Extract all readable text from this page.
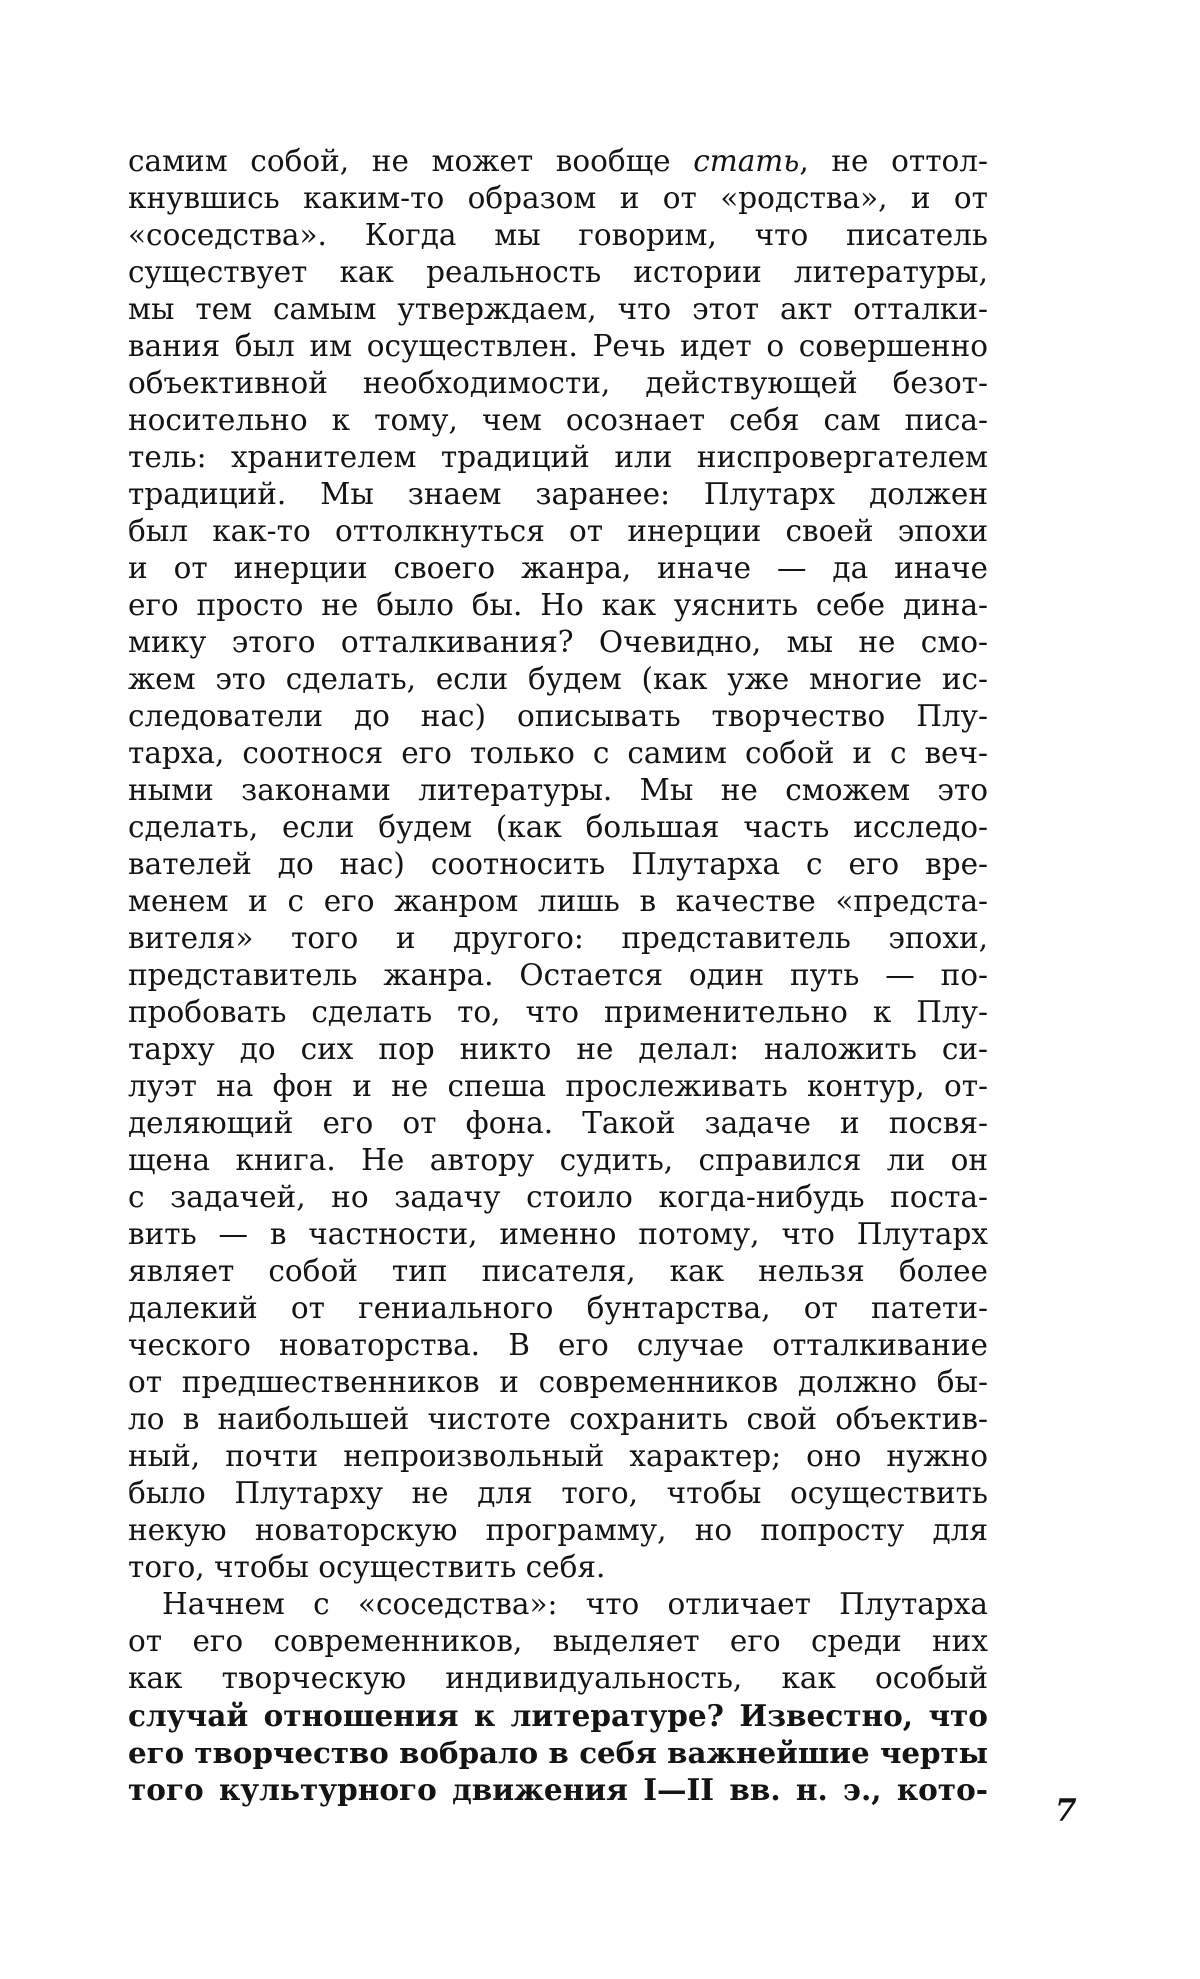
самим собой, не может вообще стать, не оттол-
кнувшись каким-то образом и от «родства», и от
«соседства». Когда мы говорим, что писатель
существует как реальность истории литературы,
мы тем самым утверждаем, что этот акт отталки-
вания был им осуществлен. Речь идет о совершенно
объективной необходимости, действующей безот-
носительно к тому, чем осознает себя сам писа-
тель: хранителем традиций или ниспровергателем
традиций. Мы знаем заранее: Плутарх должен
был как-то оттолкнуться от инерции своей эпохи
и от инерции своего жанра, иначе — да иначе
его просто не было бы. Но как уяснить себе дина-
мику этого отталкивания? Очевидно, мы не смо-
жем это сделать, если будем (как уже многие ис-
следователи до нас) описывать творчество Плу-
тарха, соотнося его только с самим собой и с веч-
ными законами литературы. Мы не сможем это
сделать, если будем (как большая часть исследо-
вателей до нас) соотносить Плутарха с его вре-
менем и с его жанром лишь в качестве «предста-
вителя» того и другого: представитель эпохи,
представитель жанра. Остается один путь — по-
пробовать сделать то, что применительно к Плу-
тарху до сих пор никто не делал: наложить си-
луэт на фон и не спеша прослеживать контур, от-
деляющий его от фона. Такой задаче и посвя-
щена книга. Не автору судить, справился ли он
с задачей, но задачу стоило когда-нибудь поста-
вить — в частности, именно потому, что Плутарх
являет собой тип писателя, как нельзя более
далекий от гениального бунтарства, от патети-
ческого новаторства. В его случае отталкивание
от предшественников и современников должно бы-
ло в наибольшей чистоте сохранить свой объектив-
ный, почти непроизвольный характер; оно нужно
было Плутарху не для того, чтобы осуществить
некую новаторскую программу, но попросту для
того, чтобы осуществить себя.
Начнем с «соседства»: что отличает Плутарха
от его современников, выделяет его среди них
как творческую индивидуальность, как особый
случай отношения к литературе? Известно, что
его творчество вобрало в себя важнейшие черты
того культурного движения I—II вв. н. э., кото-
7
